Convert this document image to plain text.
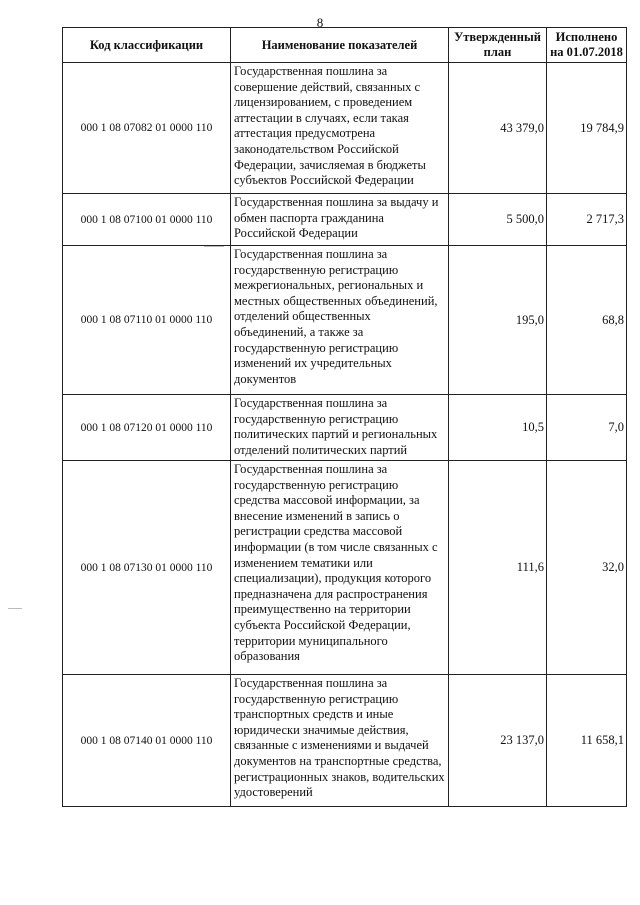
8
Код классификации	Наименование показателей	Утвержденный план	Исполнено на 01.07.2018
000 1 08 07082 01 0000 110	Государственная пошлина за совершение действий, связанных с лицензированием, с проведением аттестации в случаях, если такая аттестация предусмотрена законодательством Российской Федерации, зачисляемая в бюджеты субъектов Российской Федерации	43 379,0	19 784,9
000 1 08 07100 01 0000 110	Государственная пошлина за выдачу и обмен паспорта гражданина Российской Федерации	5 500,0	2 717,3
000 1 08 07110 01 0000 110	Государственная пошлина за государственную регистрацию межрегиональных, региональных и местных общественных объединений, отделений общественных объединений, а также за государственную регистрацию изменений их учредительных документов	195,0	68,8
000 1 08 07120 01 0000 110	Государственная пошлина за государственную регистрацию политических партий и региональных отделений политических партий	10,5	7,0
000 1 08 07130 01 0000 110	Государственная пошлина за государственную регистрацию средства массовой информации, за внесение изменений в запись о регистрации средства массовой информации (в том числе связанных с изменением тематики или специализации), продукция которого предназначена для распространения преимущественно на территории субъекта Российской Федерации, территории муниципального образования	111,6	32,0
000 1 08 07140 01 0000 110	Государственная пошлина за государственную регистрацию транспортных средств и иные юридически значимые действия, связанные с изменениями и выдачей документов на транспортные средства, регистрационных знаков, водительских удостоверений	23 137,0	11 658,1
